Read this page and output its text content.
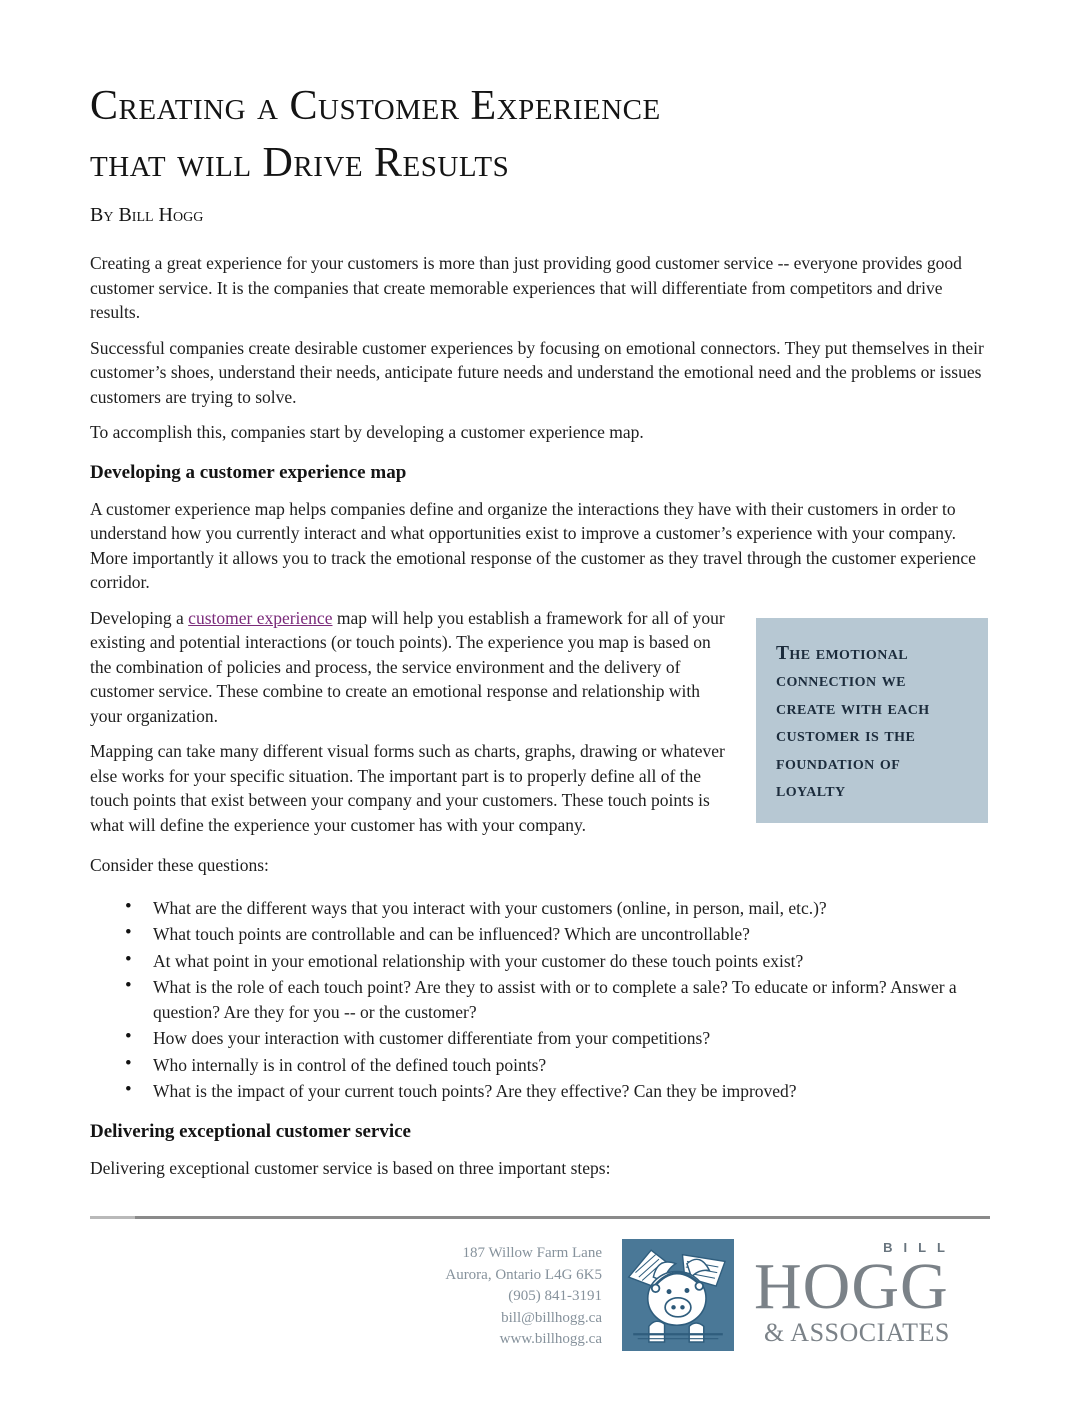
Creating a Customer Experience
that will Drive Results
By Bill Hogg

Creating a great experience for your customers is more than just providing good customer service -- everyone provides good customer service. It is the companies that create memorable experiences that will differentiate from competitors and drive results.

Successful companies create desirable customer experiences by focusing on emotional connectors. They put themselves in their customer’s shoes, understand their needs, anticipate future needs and understand the emotional need and the problems or issues customers are trying to solve.

To accomplish this, companies start by developing a customer experience map.

Developing a customer experience map

A customer experience map helps companies define and organize the interactions they have with their customers in order to understand how you currently interact and what opportunities exist to improve a customer’s experience with your company. More importantly it allows you to track the emotional response of the customer as they travel through the customer experience corridor.

The emotional connection we create with each customer is the foundation of loyalty

Developing a customer experience map will help you establish a framework for all of your existing and potential interactions (or touch points). The experience you map is based on the combination of policies and process, the service environment and the delivery of customer service. These combine to create an emotional response and relationship with your organization.

Mapping can take many different visual forms such as charts, graphs, drawing or whatever else works for your specific situation. The important part is to properly define all of the touch points that exist between your company and your customers. These touch points is what will define the experience your customer has with your company.

Consider these questions:

• What are the different ways that you interact with your customers (online, in person, mail, etc.)?
• What touch points are controllable and can be influenced? Which are uncontrollable?
• At what point in your emotional relationship with your customer do these touch points exist?
• What is the role of each touch point? Are they to assist with or to complete a sale? To educate or inform? Answer a question? Are they for you -- or the customer?
• How does your interaction with customer differentiate from your competitions?
• Who internally is in control of the defined touch points?
• What is the impact of your current touch points? Are they effective? Can they be improved?
Delivering exceptional customer service

Delivering exceptional customer service is based on three important steps:

187 Willow Farm Lane
Aurora, Ontario L4G 6K5
(905) 841-3191
bill@billhogg.ca
www.billhogg.ca
BILL
HOGG
& ASSOCIATES
